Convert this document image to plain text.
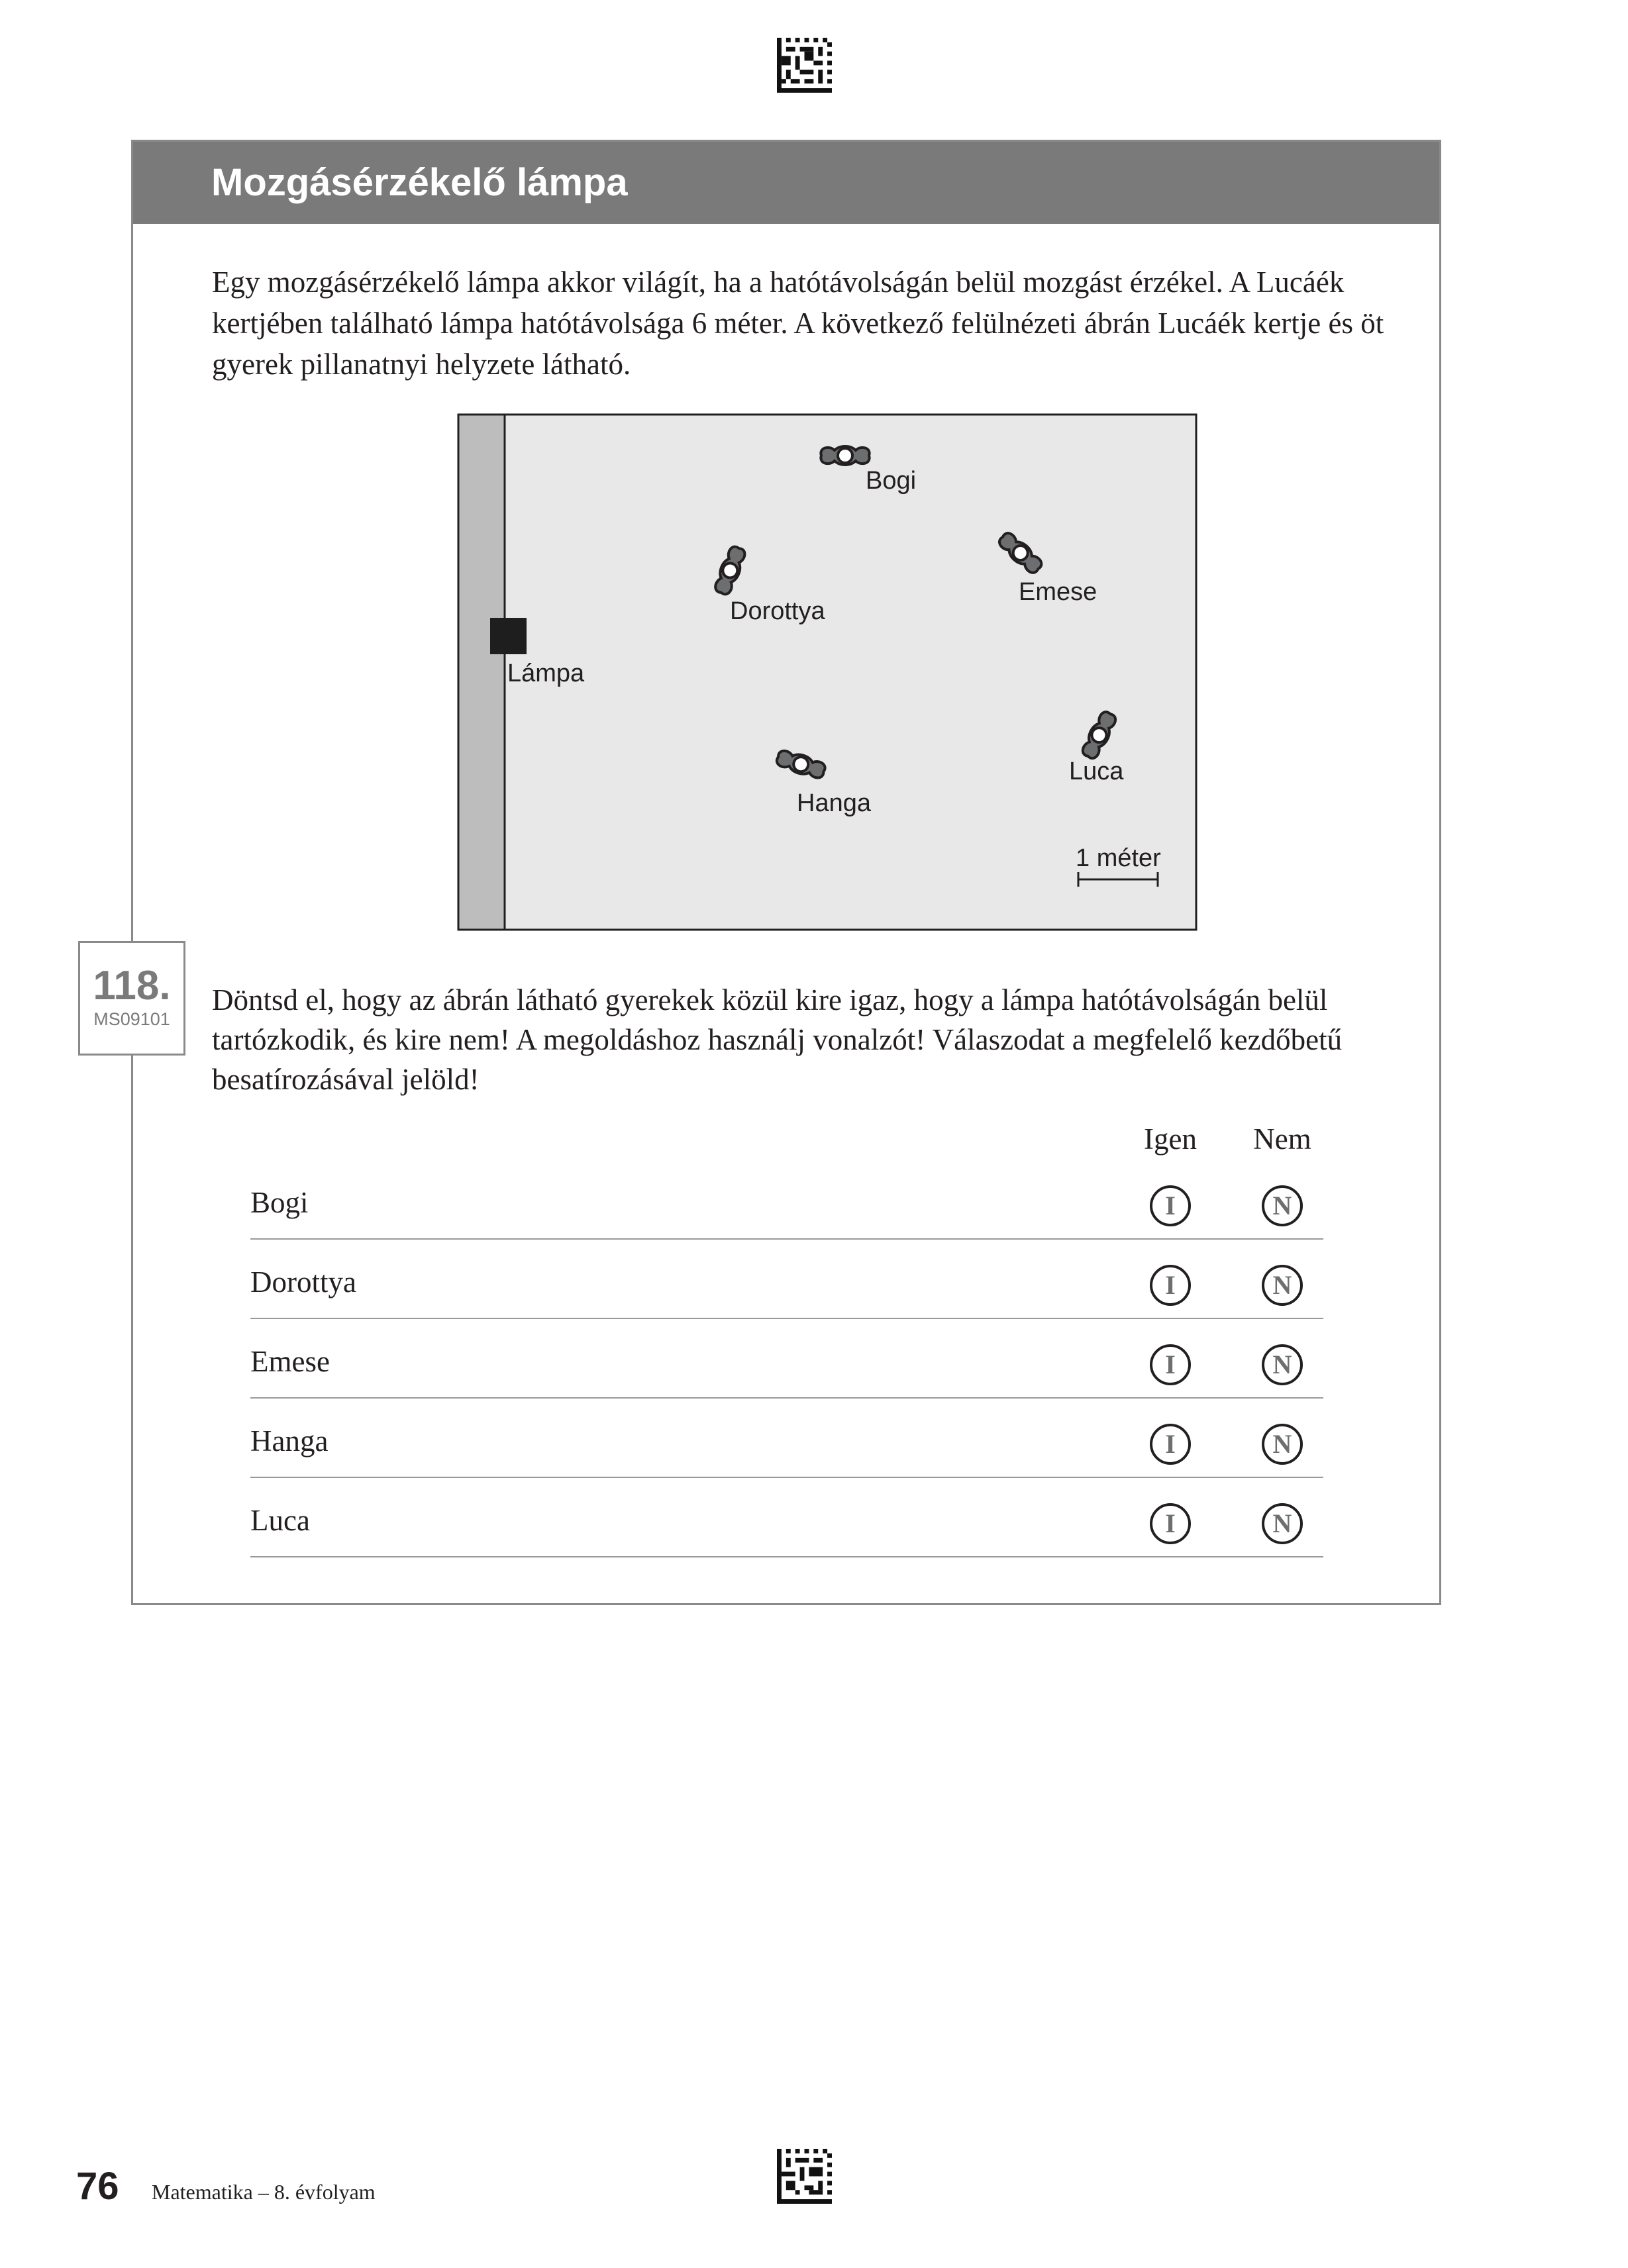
Mozgásérzékelő lámpa

Egy mozgásérzékelő lámpa akkor világít, ha a hatótávolságán belül mozgást érzékel. A Lucáék kertjében található lámpa hatótávolsága 6 méter. A következő felülnézeti ábrán Lucáék kertje és öt gyerek pillanatnyi helyzete látható.

Lámpa
Bogi
Dorottya
Emese
Hanga
Luca
1 méter
118.
MS09101

Döntsd el, hogy az ábrán látható gyerekek közül kire igaz, hogy a lámpa hatótávolságán belül tartózkodik, és kire nem! A megoldáshoz használj vonalzót! Válaszodat a megfelelő kezdőbetű besatírozásával jelöld!

Igen	Nem
Bogi	I	N
Dorottya	I	N
Emese	I	N
Hanga	I	N
Luca	I	N
76 Matematika – 8. évfolyam
